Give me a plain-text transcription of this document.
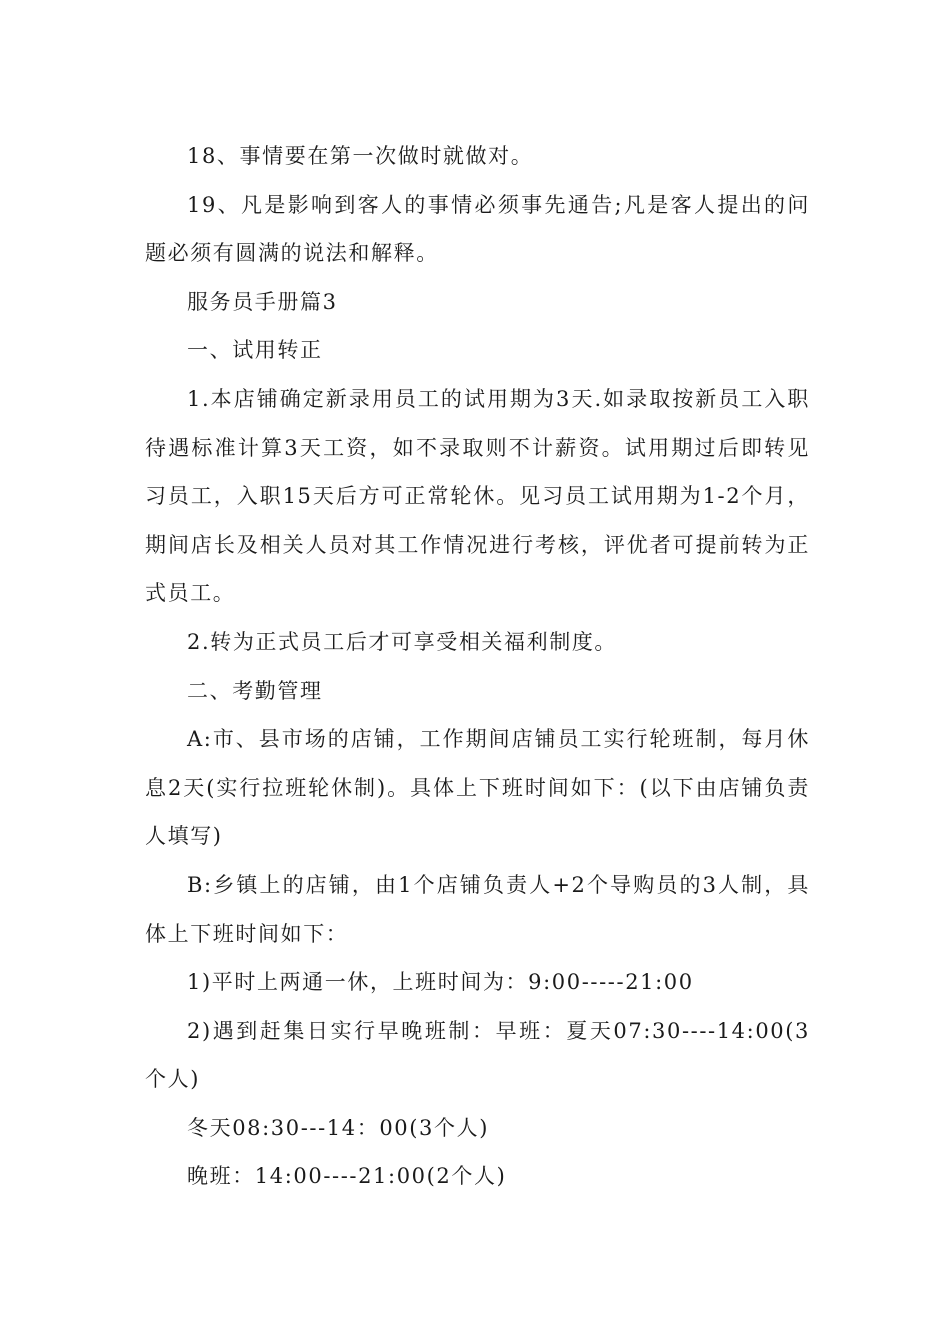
18、事情要在第一次做时就做对。

19、凡是影响到客人的事情必须事先通告;凡是客人提出的问题必须有圆满的说法和解释。

服务员手册篇3

一、试用转正

1.本店铺确定新录用员工的试用期为3天.如录取按新员工入职待遇标准计算3天工资，如不录取则不计薪资。试用期过后即转见习员工，入职15天后方可正常轮休。见习员工试用期为1-2个月，期间店长及相关人员对其工作情况进行考核，评优者可提前转为正式员工。

2.转为正式员工后才可享受相关福利制度。

二、考勤管理

A:市、县市场的店铺，工作期间店铺员工实行轮班制，每月休息2天(实行拉班轮休制)。具体上下班时间如下：(以下由店铺负责人填写)

B:乡镇上的店铺，由1个店铺负责人+2个导购员的3人制，具体上下班时间如下：

1)平时上两通一休，上班时间为：9:00-----21:00

2)遇到赶集日实行早晚班制：早班：夏天07:30----14:00(3个人)

冬天08:30---14：00(3个人)

晚班：14:00----21:00(2个人)
